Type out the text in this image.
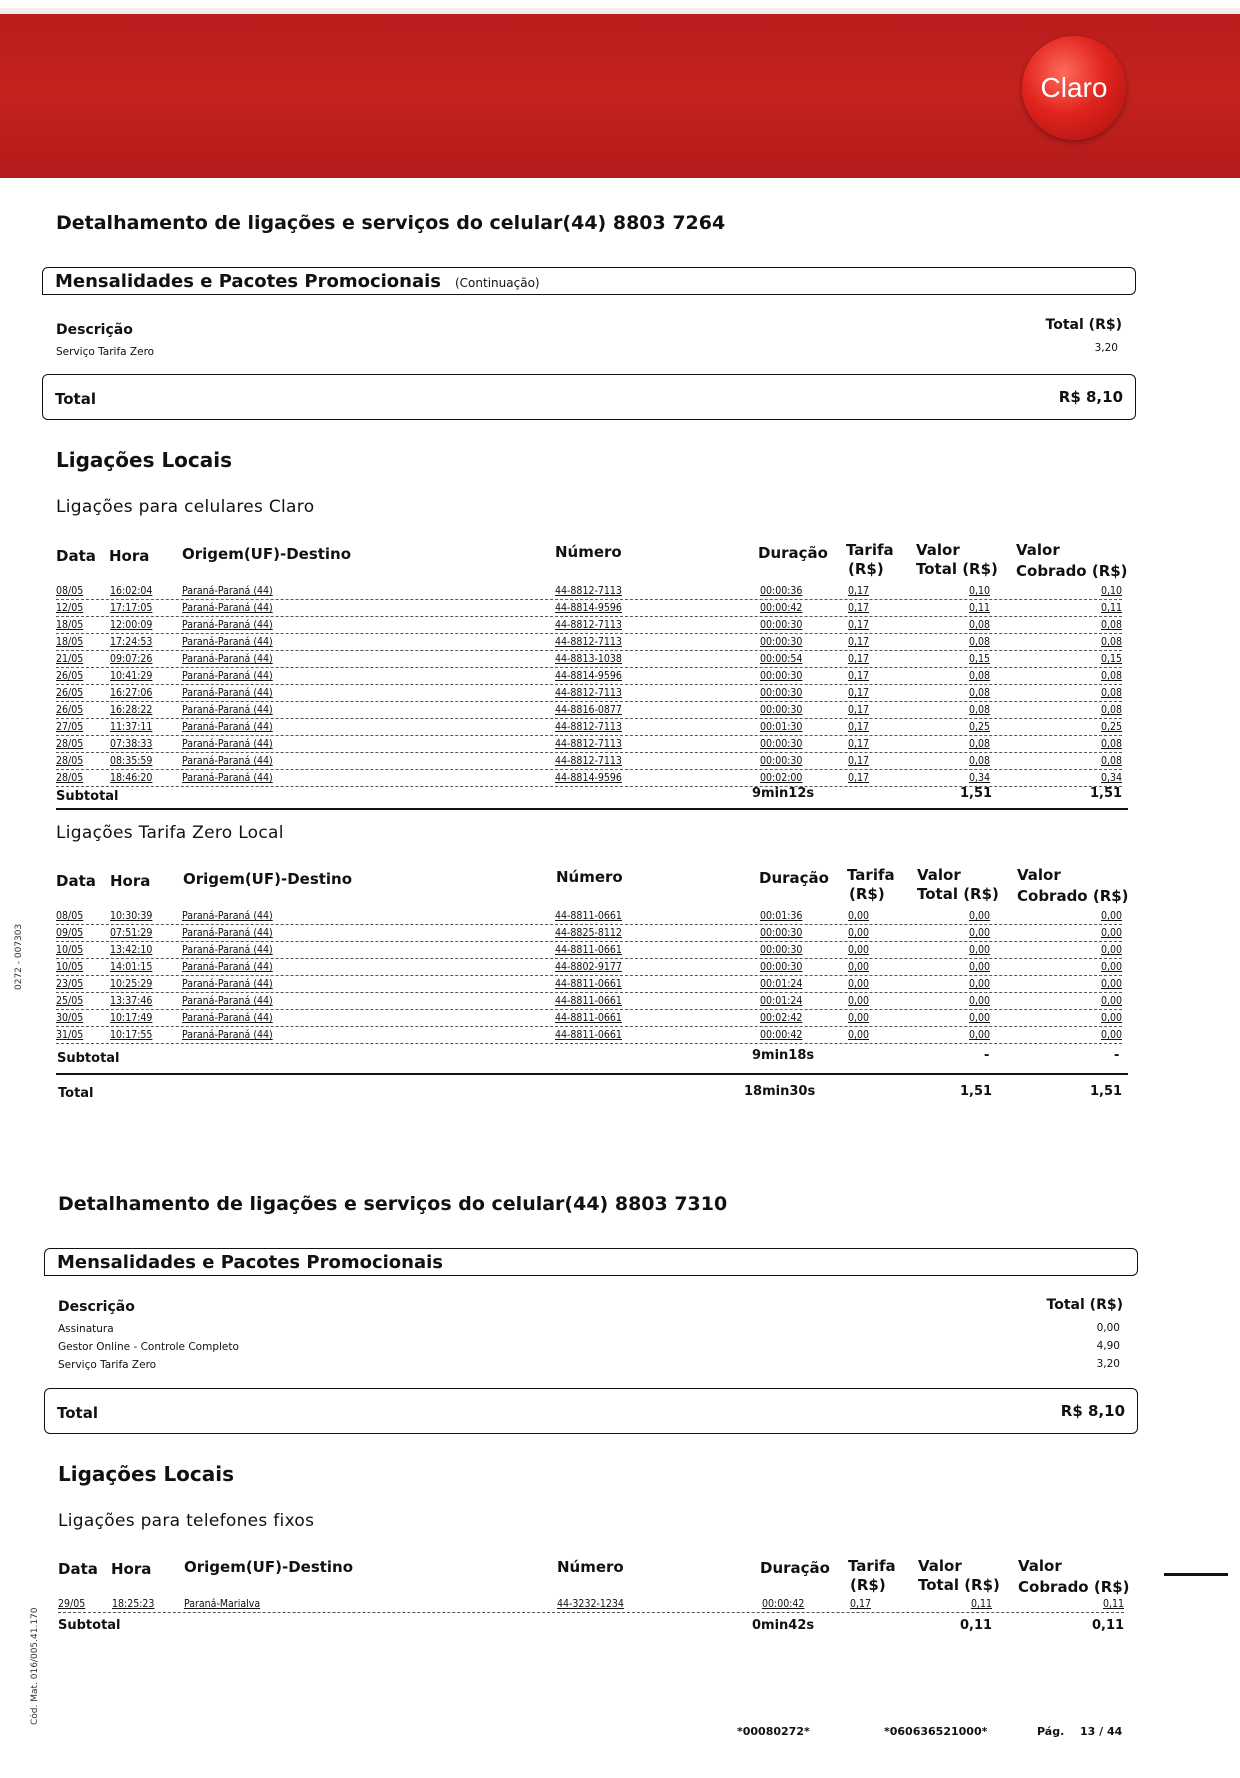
Claro
0272 - 007303
Cód. Mat. 016/005.41.170
Detalhamento de ligações e serviços do celular(44) 8803 7264
Mensalidades e Pacotes Promocionais (Continuação)
Descrição	Total (R$)
Serviço Tarifa Zero	3,20
Total	R$ 8,10
Ligações Locais
Ligações para celulares Claro
Data Hora Origem(UF)-Destino	Número	Duração Tarifa
(R$)
Valor
Total (R$)
Valor
Cobrado (R$)
08/05	16:02:04	Paraná-Paraná (44)	44-8812-7113	00:00:36	0,17	0,10	0,10
12/05	17:17:05	Paraná-Paraná (44)	44-8814-9596	00:00:42	0,17	0,11	0,11
18/05	12:00:09	Paraná-Paraná (44)	44-8812-7113	00:00:30	0,17	0,08	0,08
18/05	17:24:53	Paraná-Paraná (44)	44-8812-7113	00:00:30	0,17	0,08	0,08
21/05	09:07:26	Paraná-Paraná (44)	44-8813-1038	00:00:54	0,17	0,15	0,15
26/05	10:41:29	Paraná-Paraná (44)	44-8814-9596	00:00:30	0,17	0,08	0,08
26/05	16:27:06	Paraná-Paraná (44)	44-8812-7113	00:00:30	0,17	0,08	0,08
26/05	16:28:22	Paraná-Paraná (44)	44-8816-0877	00:00:30	0,17	0,08	0,08
27/05	11:37:11	Paraná-Paraná (44)	44-8812-7113	00:01:30	0,17	0,25	0,25
28/05	07:38:33	Paraná-Paraná (44)	44-8812-7113	00:00:30	0,17	0,08	0,08
28/05	08:35:59	Paraná-Paraná (44)	44-8812-7113	00:00:30	0,17	0,08	0,08
28/05	18:46:20	Paraná-Paraná (44)	44-8814-9596	00:02:00	0,17	0,34	0,34
Subtotal	9min12s	1,51	1,51
Ligações Tarifa Zero Local
Data Hora Origem(UF)-Destino	Número	Duração Tarifa
(R$)
Valor
Total (R$)
Valor
Cobrado (R$)
08/05	10:30:39	Paraná-Paraná (44)	44-8811-0661	00:01:36	0,00	0,00	0,00
09/05	07:51:29	Paraná-Paraná (44)	44-8825-8112	00:00:30	0,00	0,00	0,00
10/05	13:42:10	Paraná-Paraná (44)	44-8811-0661	00:00:30	0,00	0,00	0,00
10/05	14:01:15	Paraná-Paraná (44)	44-8802-9177	00:00:30	0,00	0,00	0,00
23/05	10:25:29	Paraná-Paraná (44)	44-8811-0661	00:01:24	0,00	0,00	0,00
25/05	13:37:46	Paraná-Paraná (44)	44-8811-0661	00:01:24	0,00	0,00	0,00
30/05	10:17:49	Paraná-Paraná (44)	44-8811-0661	00:02:42	0,00	0,00	0,00
31/05	10:17:55	Paraná-Paraná (44)	44-8811-0661	00:00:42	0,00	0,00	0,00
Subtotal	9min18s	-	-
Total	18min30s	1,51	1,51
Detalhamento de ligações e serviços do celular(44) 8803 7310
Mensalidades e Pacotes Promocionais
Descrição	Total (R$)
Assinatura	0,00
Gestor Online - Controle Completo	4,90
Serviço Tarifa Zero	3,20
Total	R$ 8,10
Ligações Locais
Ligações para telefones fixos
Data Hora Origem(UF)-Destino	Número	Duração Tarifa
(R$)
Valor
Total (R$)
Valor
Cobrado (R$)
29/05	18:25:23	Paraná-Marialva	44-3232-1234	00:00:42	0,17	0,11	0,11
Subtotal	0min42s	0,11	0,11
*00080272*	*060636521000*	Pág. 13 / 44
